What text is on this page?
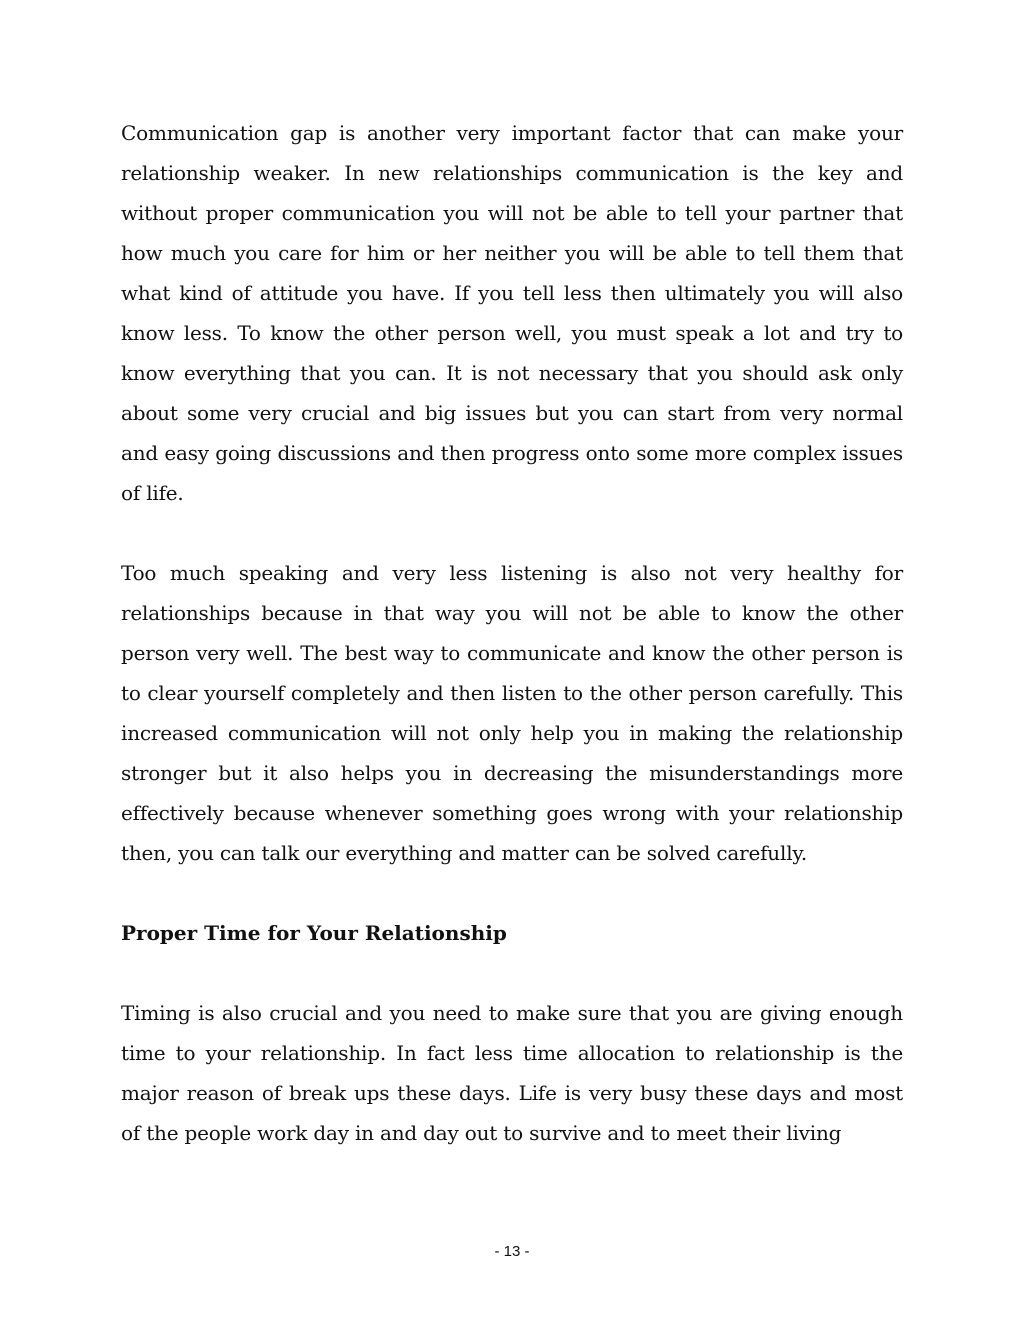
Communication gap is another very important factor that can make your relationship weaker. In new relationships communication is the key and without proper communication you will not be able to tell your partner that how much you care for him or her neither you will be able to tell them that what kind of attitude you have. If you tell less then ultimately you will also know less. To know the other person well, you must speak a lot and try to know everything that you can. It is not necessary that you should ask only about some very crucial and big issues but you can start from very normal and easy going discussions and then progress onto some more complex issues of life.

Too much speaking and very less listening is also not very healthy for relationships because in that way you will not be able to know the other person very well. The best way to communicate and know the other person is to clear yourself completely and then listen to the other person carefully. This increased communication will not only help you in making the relationship stronger but it also helps you in decreasing the misunderstandings more effectively because whenever something goes wrong with your relationship then, you can talk our everything and matter can be solved carefully.

Proper Time for Your Relationship

Timing is also crucial and you need to make sure that you are giving enough time to your relationship. In fact less time allocation to relationship is the major reason of break ups these days. Life is very busy these days and most of the people work day in and day out to survive and to meet their living

- 13 -
